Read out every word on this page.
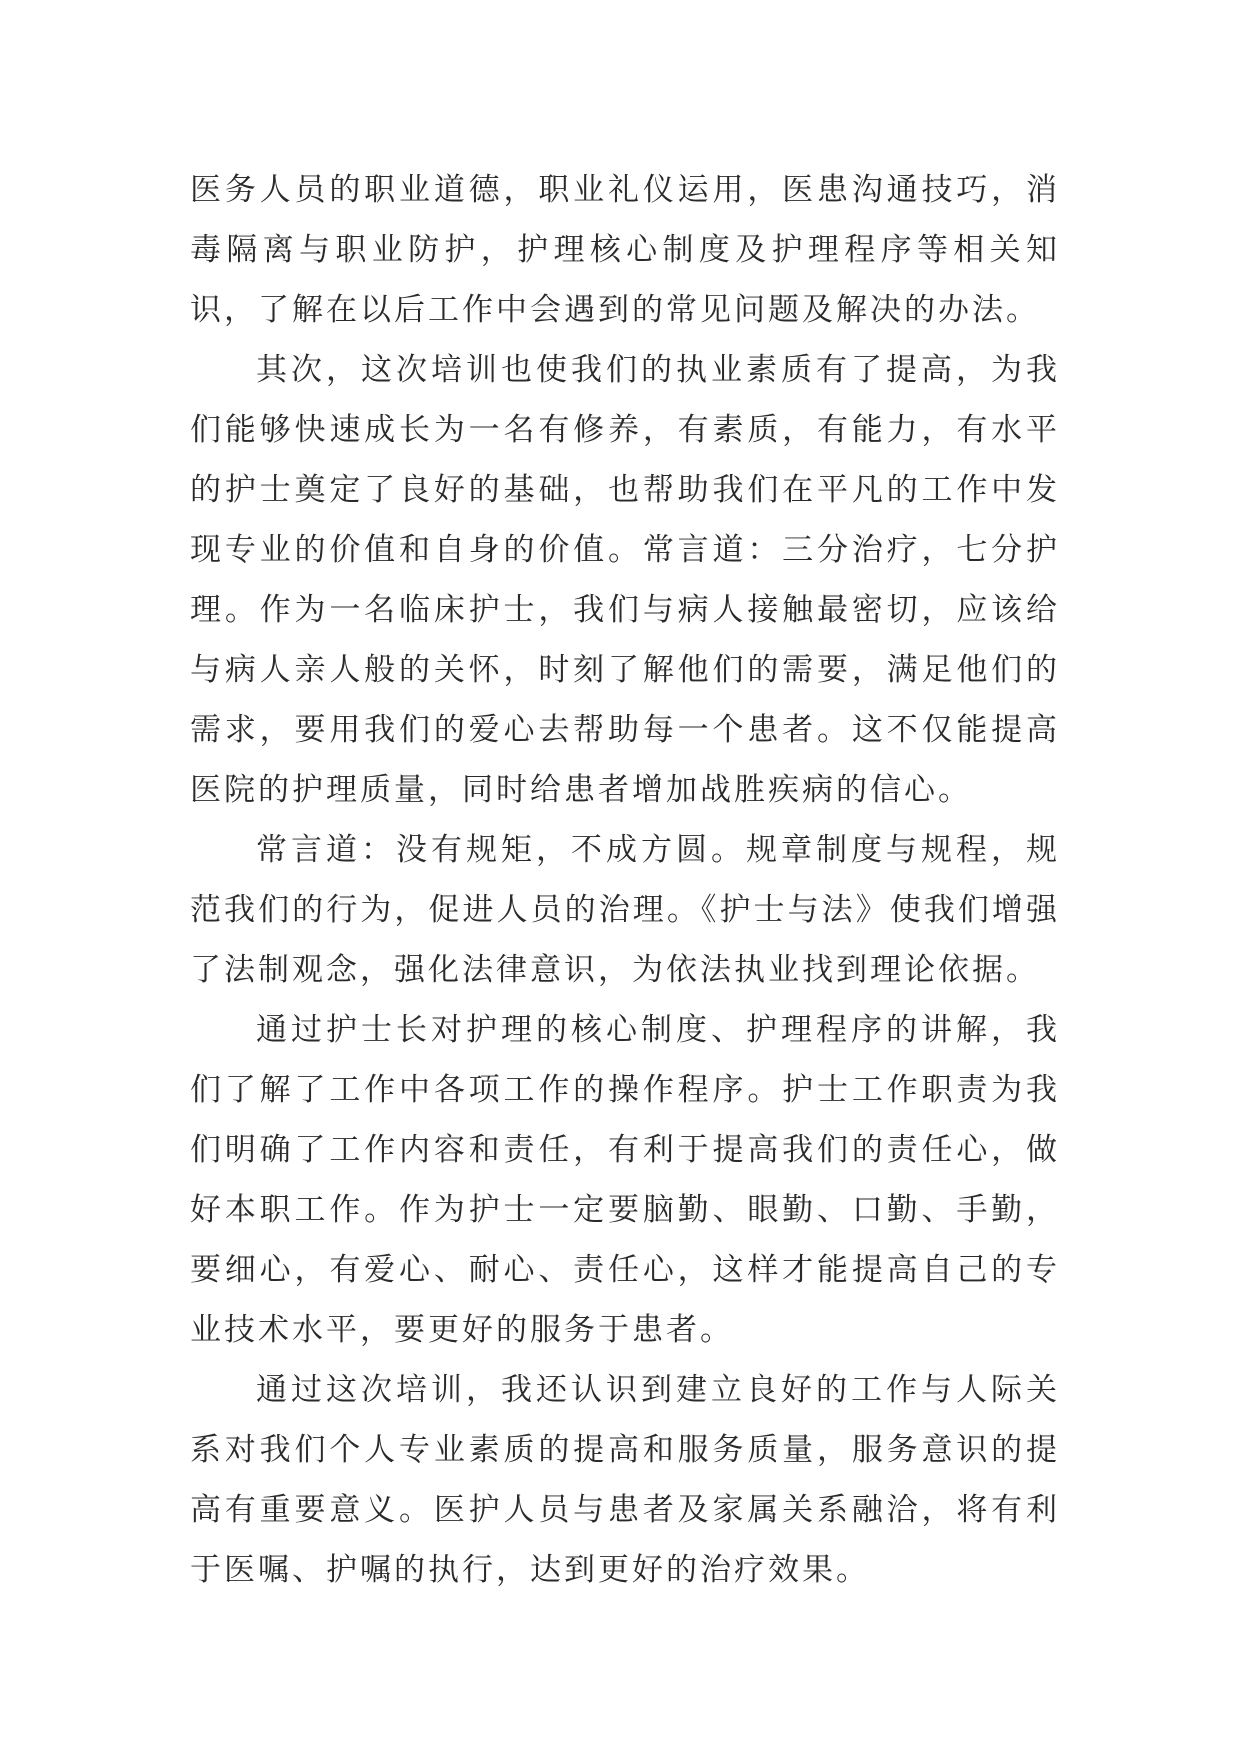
医务人员的职业道德，职业礼仪运用，医患沟通技巧，消毒隔离与职业防护，护理核心制度及护理程序等相关知识，了解在以后工作中会遇到的常见问题及解决的办法。

其次，这次培训也使我们的执业素质有了提高，为我们能够快速成长为一名有修养，有素质，有能力，有水平的护士奠定了良好的基础，也帮助我们在平凡的工作中发现专业的价值和自身的价值。常言道：三分治疗，七分护理。作为一名临床护士，我们与病人接触最密切，应该给与病人亲人般的关怀，时刻了解他们的需要，满足他们的需求，要用我们的爱心去帮助每一个患者。这不仅能提高医院的护理质量，同时给患者增加战胜疾病的信心。

常言道：没有规矩，不成方圆。规章制度与规程，规范我们的行为，促进人员的治理。《护士与法》使我们增强了法制观念，强化法律意识，为依法执业找到理论依据。

通过护士长对护理的核心制度、护理程序的讲解，我们了解了工作中各项工作的操作程序。护士工作职责为我们明确了工作内容和责任，有利于提高我们的责任心，做好本职工作。作为护士一定要脑勤、眼勤、口勤、手勤，要细心，有爱心、耐心、责任心，这样才能提高自己的专业技术水平，要更好的服务于患者。

通过这次培训，我还认识到建立良好的工作与人际关系对我们个人专业素质的提高和服务质量，服务意识的提高有重要意义。医护人员与患者及家属关系融洽，将有利于医嘱、护嘱的执行，达到更好的治疗效果。
